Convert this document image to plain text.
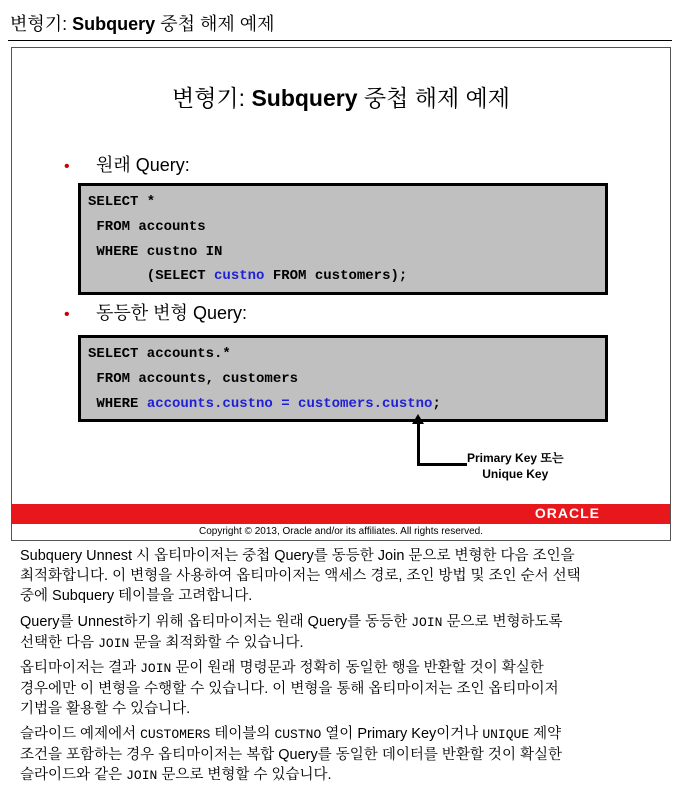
변형기: Subquery 중첩 해제 예제
변형기: Subquery 중첩 해제 예제
• 원래 Query:
SELECT *
FROM accounts
WHERE custno IN
(SELECT custno FROM customers);
• 동등한 변형 Query:
SELECT accounts.*
FROM accounts, customers
WHERE accounts.custno = customers.custno;
Primary Key 또는
Unique Key
ORACLE
Copyright © 2013, Oracle and/or its affiliates. All rights reserved.
Subquery Unnest 시 옵티마이저는 중첩 Query를 동등한 Join 문으로 변형한 다음 조인을
최적화합니다. 이 변형을 사용하여 옵티마이저는 액세스 경로, 조인 방법 및 조인 순서 선택
중에 Subquery 테이블을 고려합니다.
Query를 Unnest하기 위해 옵티마이저는 원래 Query를 동등한 JOIN 문으로 변형하도록
선택한 다음 JOIN 문을 최적화할 수 있습니다.
옵티마이저는 결과 JOIN 문이 원래 명령문과 정확히 동일한 행을 반환할 것이 확실한
경우에만 이 변형을 수행할 수 있습니다. 이 변형을 통해 옵티마이저는 조인 옵티마이저
기법을 활용할 수 있습니다.
슬라이드 예제에서 CUSTOMERS 테이블의 CUSTNO 열이 Primary Key이거나 UNIQUE 제약
조건을 포함하는 경우 옵티마이저는 복합 Query를 동일한 데이터를 반환할 것이 확실한
슬라이드와 같은 JOIN 문으로 변형할 수 있습니다.
